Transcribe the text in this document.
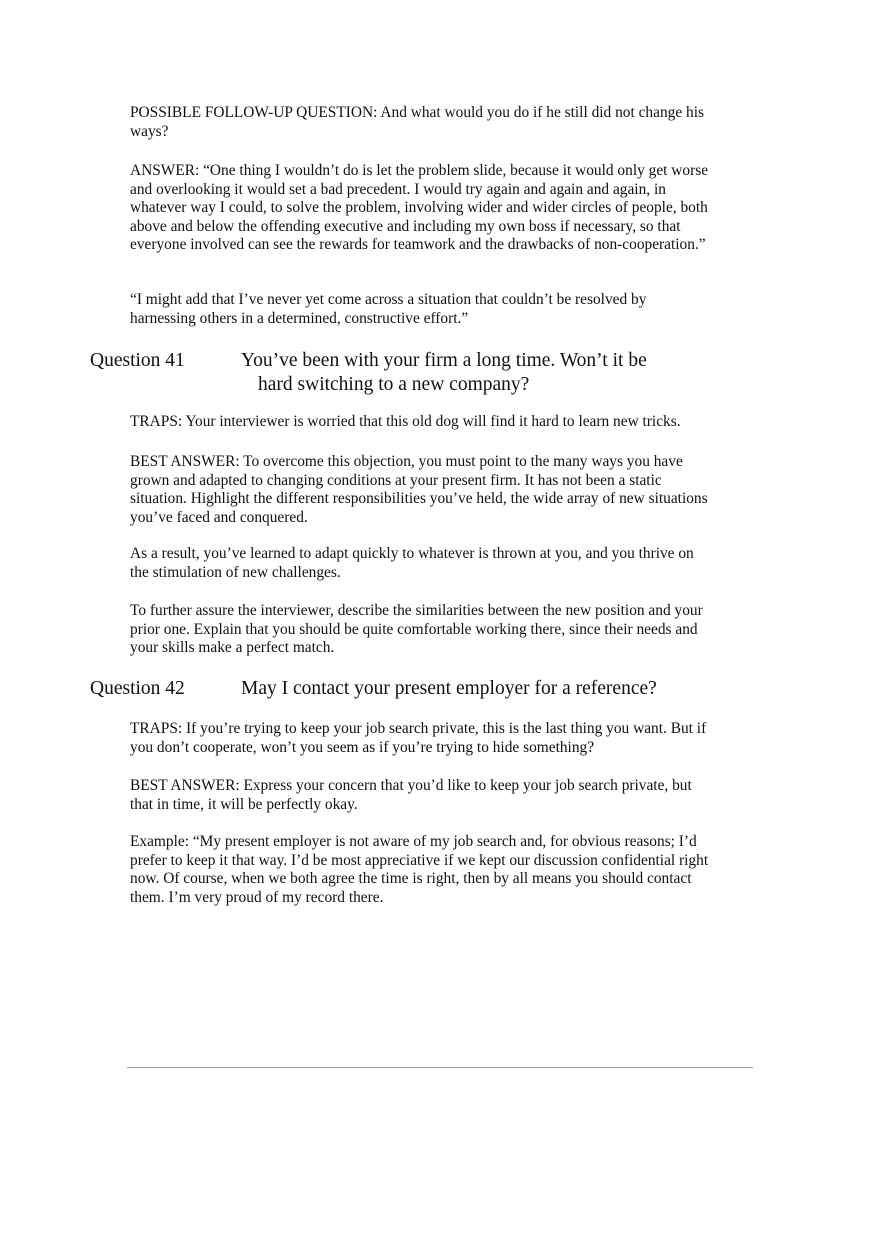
POSSIBLE FOLLOW-UP QUESTION: And what would you do if he still did not change his ways?

ANSWER: “One thing I wouldn’t do is let the problem slide, because it would only get worse and overlooking it would set a bad precedent. I would try again and again and again, in whatever way I could, to solve the problem, involving wider and wider circles of people, both above and below the offending executive and including my own boss if necessary, so that everyone involved can see the rewards for teamwork and the drawbacks of non-cooperation.”

“I might add that I’ve never yet come across a situation that couldn’t be resolved by harnessing others in a determined, constructive effort.”

Question 41	You’ve been with your firm a long time. Won’t it be

hard switching to a new company?

TRAPS: Your interviewer is worried that this old dog will find it hard to learn new tricks.

BEST ANSWER: To overcome this objection, you must point to the many ways you have grown and adapted to changing conditions at your present firm. It has not been a static situation. Highlight the different responsibilities you’ve held, the wide array of new situations you’ve faced and conquered.

As a result, you’ve learned to adapt quickly to whatever is thrown at you, and you thrive on the stimulation of new challenges.

To further assure the interviewer, describe the similarities between the new position and your prior one. Explain that you should be quite comfortable working there, since their needs and your skills make a perfect match.

Question 42	May I contact your present employer for a reference?

TRAPS: If you’re trying to keep your job search private, this is the last thing you want. But if you don’t cooperate, won’t you seem as if you’re trying to hide something?

BEST ANSWER: Express your concern that you’d like to keep your job search private, but that in time, it will be perfectly okay.

Example: “My present employer is not aware of my job search and, for obvious reasons; I’d prefer to keep it that way. I’d be most appreciative if we kept our discussion confidential right now. Of course, when we both agree the time is right, then by all means you should contact them. I’m very proud of my record there.
